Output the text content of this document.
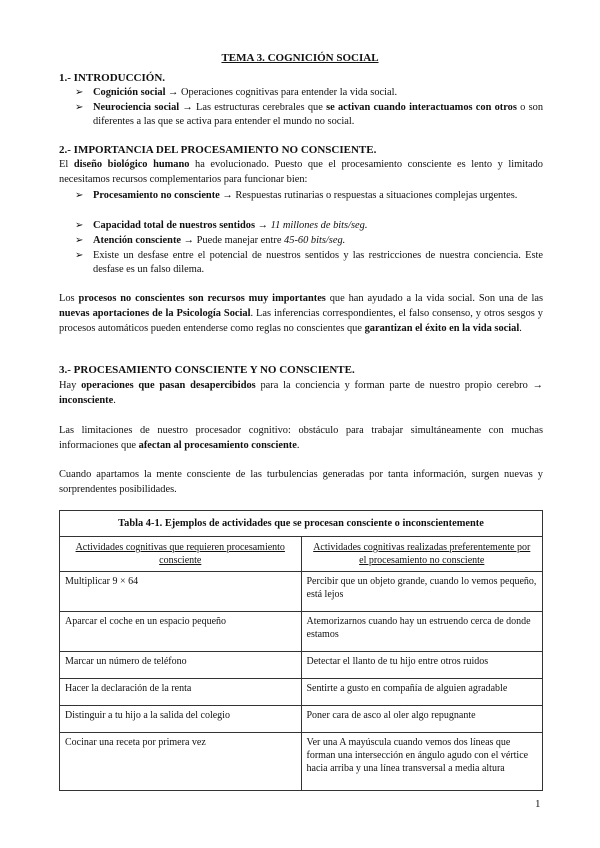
TEMA 3. COGNICIÓN SOCIAL
1.- INTRODUCCIÓN.
➢ Cognición social → Operaciones cognitivas para entender la vida social.
➢ Neurociencia social → Las estructuras cerebrales que se activan cuando interactuamos con otros o son diferentes a las que se activa para entender el mundo no social.
2.- IMPORTANCIA DEL PROCESAMIENTO NO CONSCIENTE.
El diseño biológico humano ha evolucionado. Puesto que el procesamiento consciente es lento y limitado necesitamos recursos complementarios para funcionar bien:
➢ Procesamiento no consciente → Respuestas rutinarias o respuestas a situaciones complejas urgentes.
➢ Capacidad total de nuestros sentidos → 11 millones de bits/seg.
➢ Atención consciente → Puede manejar entre 45-60 bits/seg.
➢ Existe un desfase entre el potencial de nuestros sentidos y las restricciones de nuestra conciencia. Este desfase es un falso dilema.
Los procesos no conscientes son recursos muy importantes que han ayudado a la vida social. Son una de las nuevas aportaciones de la Psicología Social. Las inferencias correspondientes, el falso consenso, y otros sesgos y procesos automáticos pueden entenderse como reglas no conscientes que garantizan el éxito en la vida social.
3.- PROCESAMIENTO CONSCIENTE Y NO CONSCIENTE.
Hay operaciones que pasan desapercibidos para la conciencia y forman parte de nuestro propio cerebro → inconsciente.
Las limitaciones de nuestro procesador cognitivo: obstáculo para trabajar simultáneamente con muchas informaciones que afectan al procesamiento consciente.
Cuando apartamos la mente consciente de las turbulencias generadas por tanta información, surgen nuevas y sorprendentes posibilidades.
Tabla 4-1. Ejemplos de actividades que se procesan consciente o inconscientemente	
Actividades cognitivas que requieren procesamiento consciente	Actividades cognitivas realizadas preferentemente por el procesamiento no consciente
Multiplicar 9 × 64	Percibir que un objeto grande, cuando lo vemos pequeño, está lejos
Aparcar el coche en un espacio pequeño	Atemorizarnos cuando hay un estruendo cerca de donde estamos
Marcar un número de teléfono	Detectar el llanto de tu hijo entre otros ruidos
Hacer la declaración de la renta	Sentirte a gusto en compañía de alguien agradable
Distinguir a tu hijo a la salida del colegio	Poner cara de asco al oler algo repugnante
Cocinar una receta por primera vez	Ver una A mayúscula cuando vemos dos líneas que forman una intersección en ángulo agudo con el vértice hacia arriba y una línea transversal a media altura
1
